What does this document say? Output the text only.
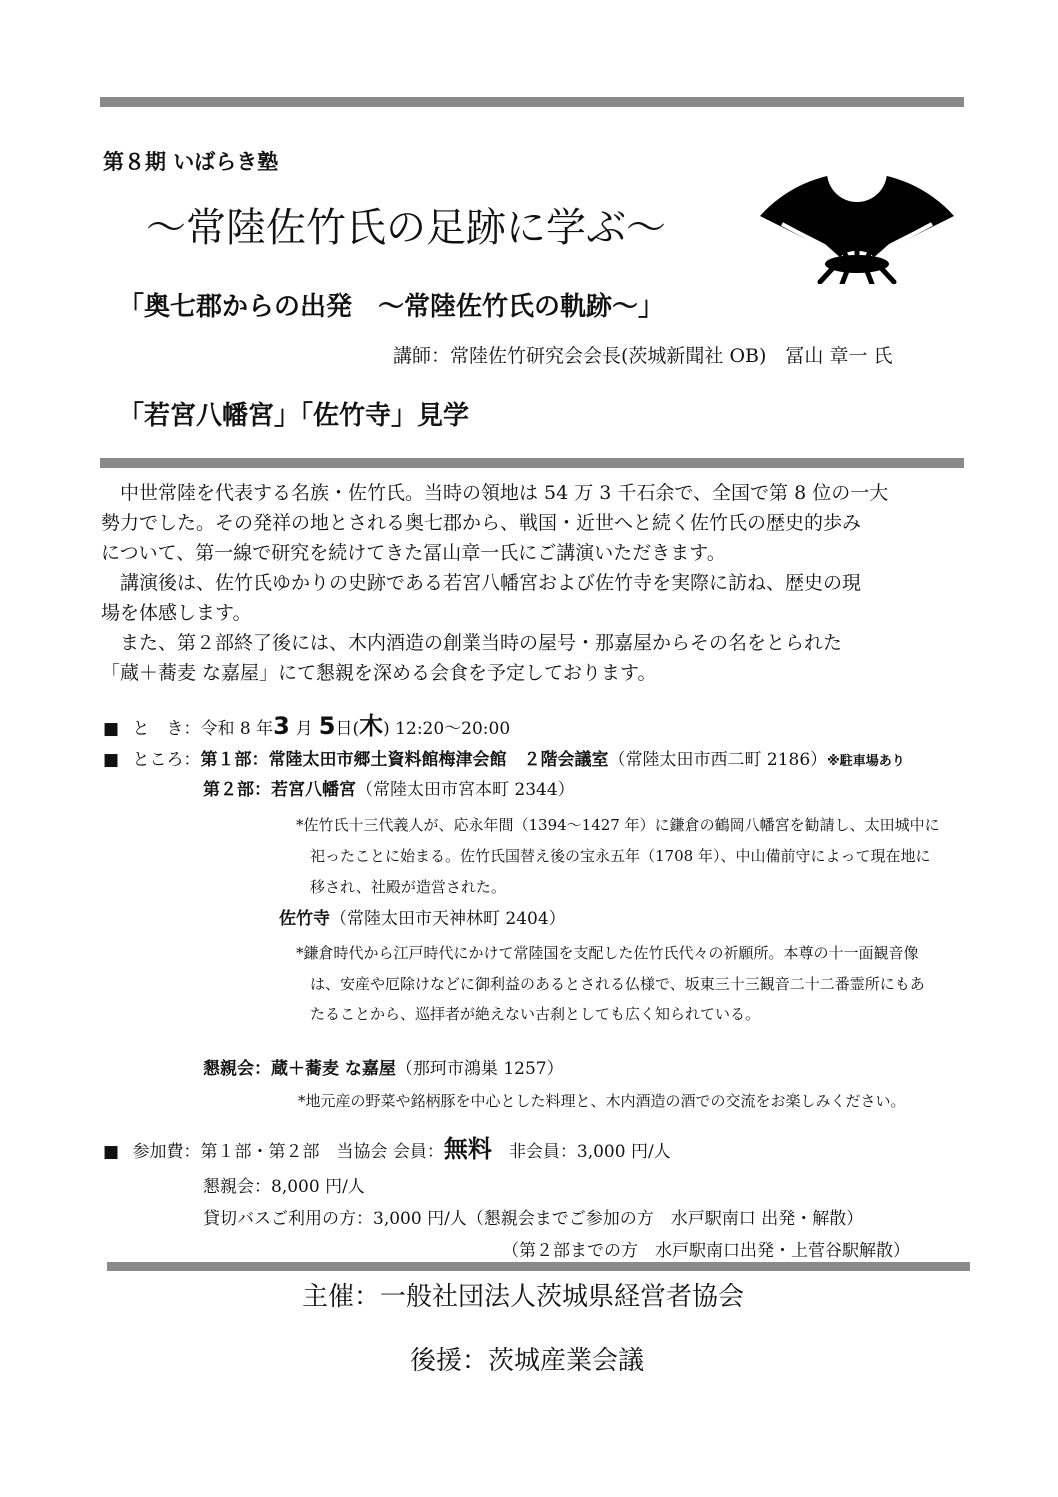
第８期 いばらき塾
～常陸佐竹氏の足跡に学ぶ～
「奥七郡からの出発　～常陸佐竹氏の軌跡～」
講師：常陸佐竹研究会会長(茨城新聞社 OB)　冨山 章一 氏
「若宮八幡宮」「佐竹寺」見学
中世常陸を代表する名族・佐竹氏。当時の領地は 54 万 3 千石余で、全国で第 8 位の一大
勢力でした。その発祥の地とされる奥七郡から、戦国・近世へと続く佐竹氏の歴史的歩み
について、第一線で研究を続けてきた冨山章一氏にご講演いただきます。
講演後は、佐竹氏ゆかりの史跡である若宮八幡宮および佐竹寺を実際に訪ね、歴史の現
場を体感します。
また、第２部終了後には、木内酒造の創業当時の屋号・那嘉屋からその名をとられた
「蔵＋蕎麦 な嘉屋」にて懇親を深める会食を予定しております。
■ と　き：令和 8 年3 月 5日(木) 12:20～20:00
■ ところ：第１部：常陸太田市郷土資料館梅津会館　２階会議室（常陸太田市西二町 2186）※駐車場あり
第２部：若宮八幡宮（常陸太田市宮本町 2344）
*佐竹氏十三代義人が、応永年間（1394～1427 年）に鎌倉の鶴岡八幡宮を勧請し、太田城中に
祀ったことに始まる。佐竹氏国替え後の宝永五年（1708 年）、中山備前守によって現在地に
移され、社殿が造営された。
佐竹寺（常陸太田市天神林町 2404）
*鎌倉時代から江戸時代にかけて常陸国を支配した佐竹氏代々の祈願所。本尊の十一面観音像
は、安産や厄除けなどに御利益のあるとされる仏様で、坂東三十三観音二十二番霊所にもあ
たることから、巡拝者が絶えない古刹としても広く知られている。
懇親会：蔵＋蕎麦 な嘉屋（那珂市鴻巣 1257）
*地元産の野菜や銘柄豚を中心とした料理と、木内酒造の酒での交流をお楽しみください。
■ 参加費：第１部・第２部　当協会 会員：無料　非会員：3,000 円/人
懇親会：8,000 円/人
貸切バスご利用の方：3,000 円/人（懇親会までご参加の方　水戸駅南口 出発・解散）
（第２部までの方　水戸駅南口出発・上菅谷駅解散）
主催：一般社団法人茨城県経営者協会
後援：茨城産業会議
